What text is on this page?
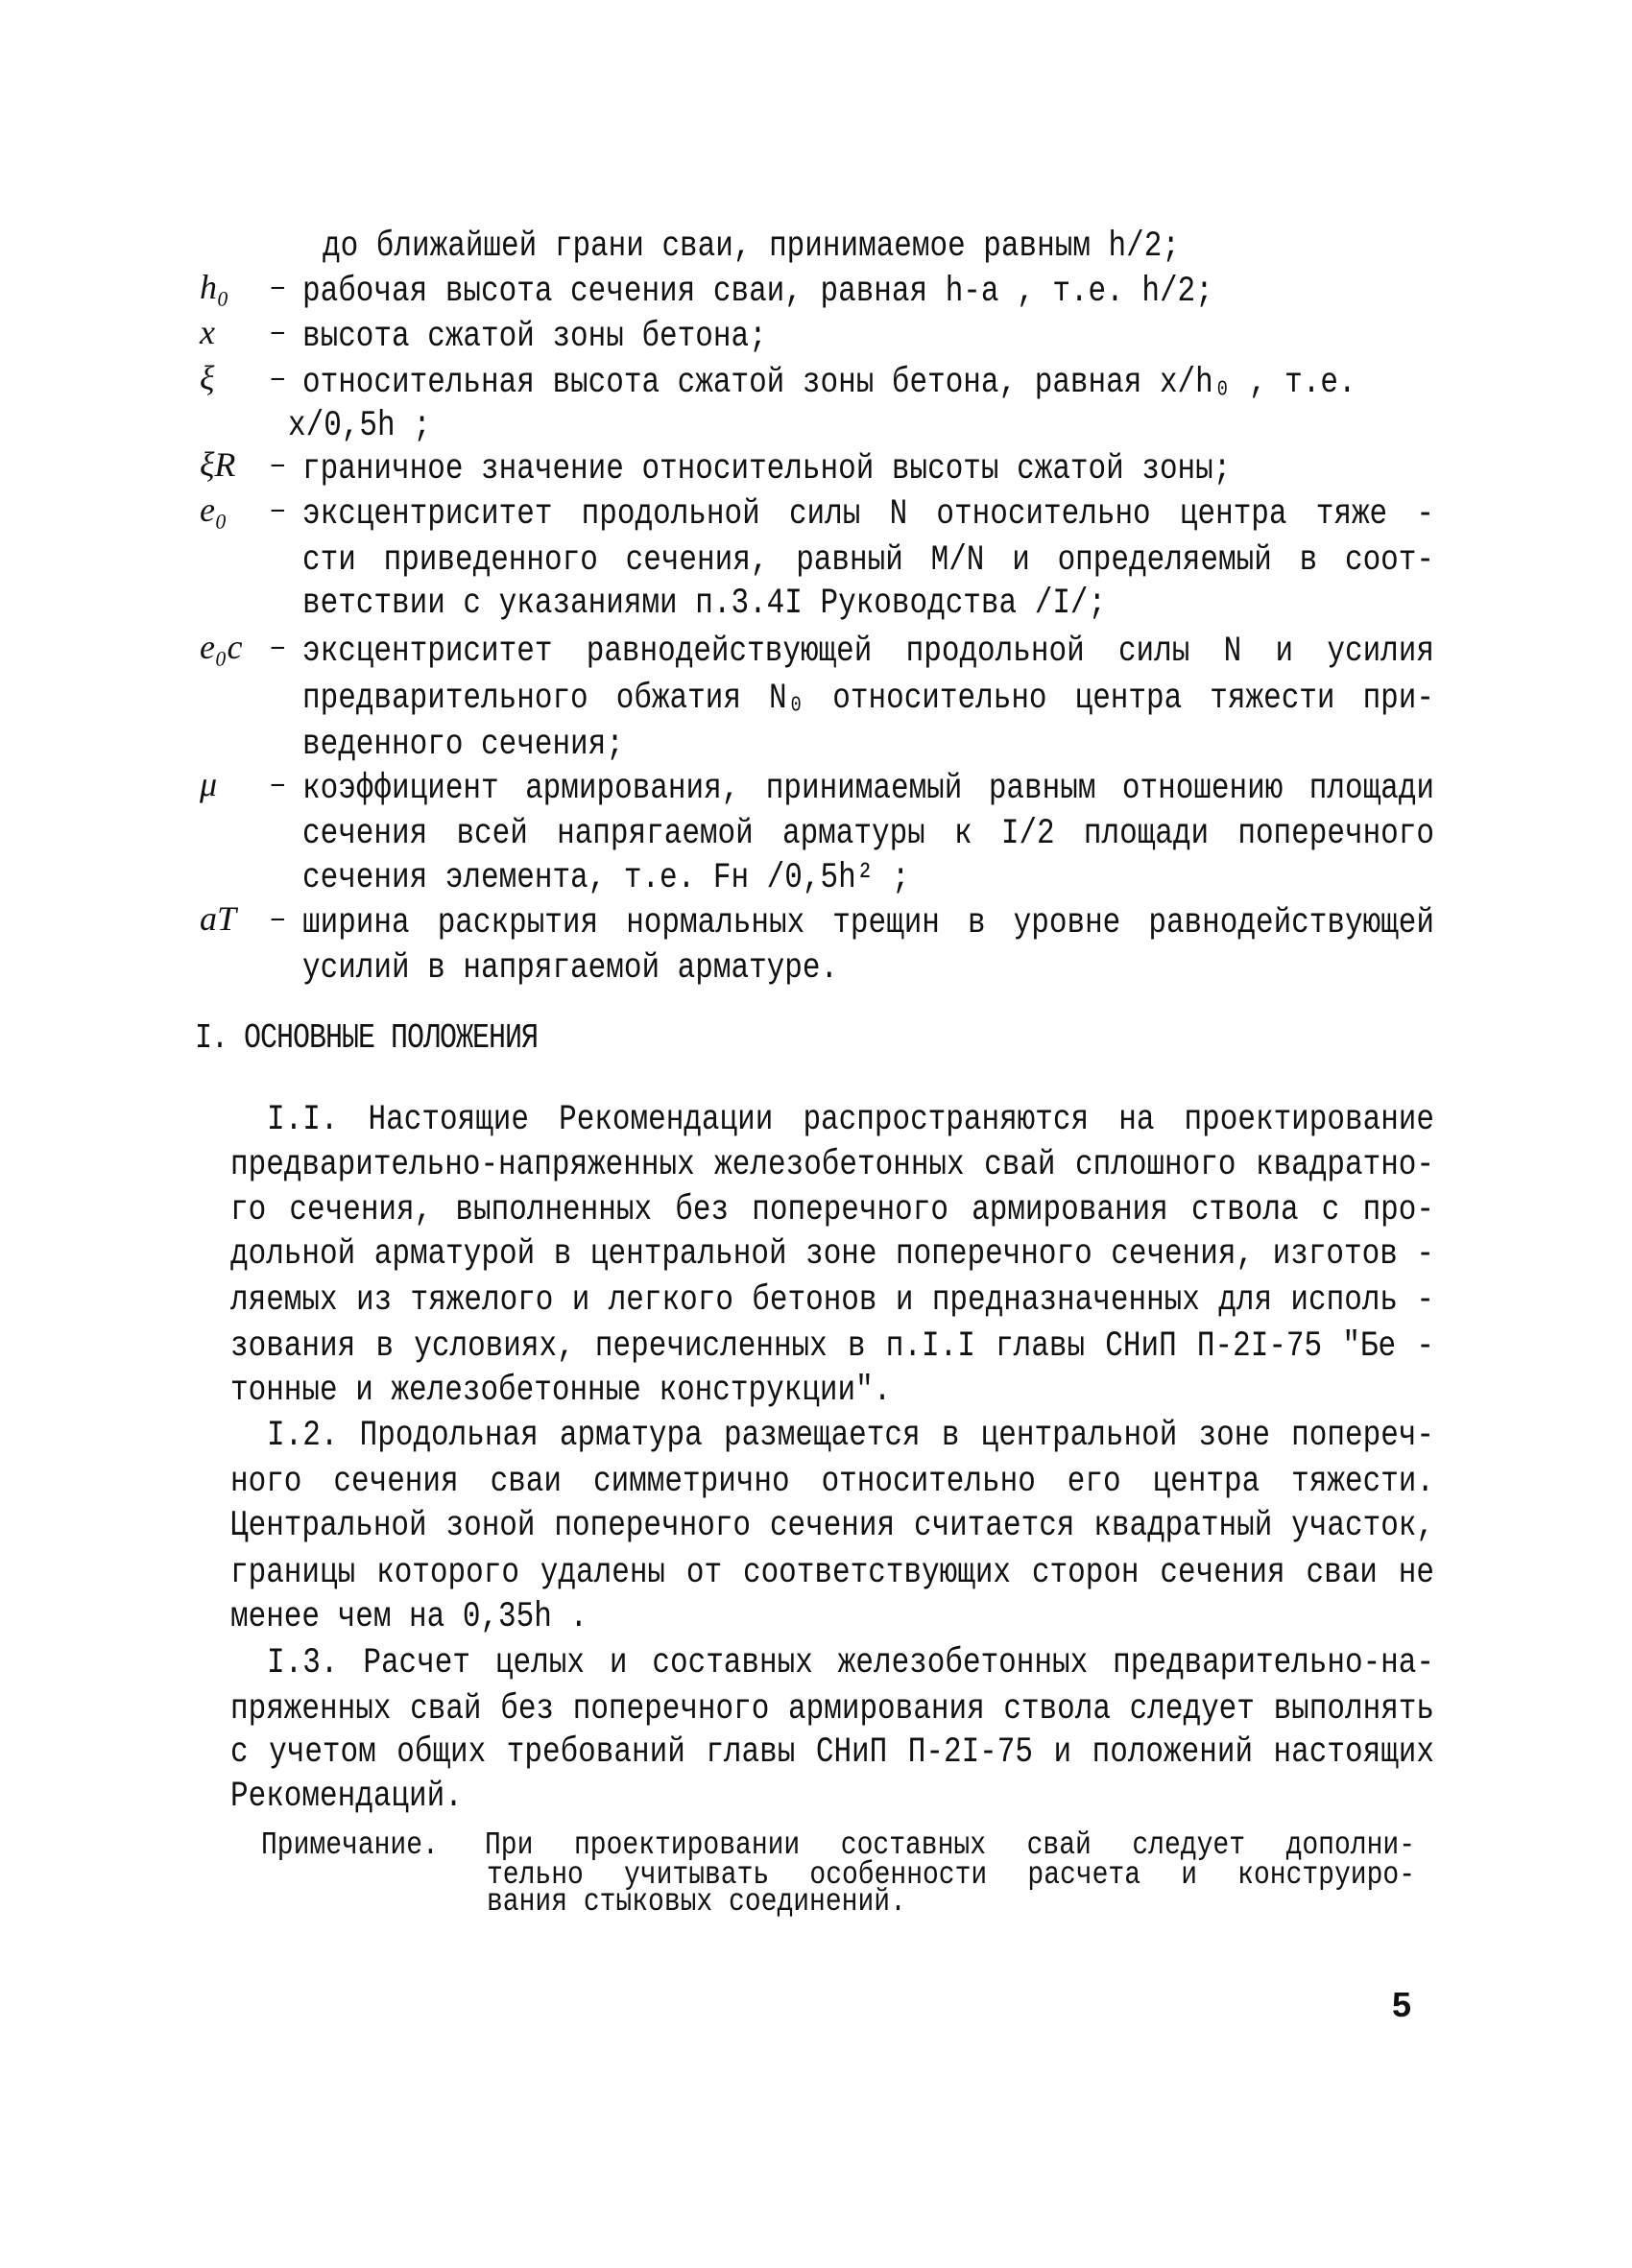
до ближайшей грани сваи, принимаемое равным h/2;
h₀ – рабочая высота сечения сваи, равная h-a , т.е. h/2;
x – высота сжатой зоны бетона;
ξ – относительная высота сжатой зоны бетона, равная x/h₀ , т.е.
x/0,5h ;
ξR – граничное значение относительной высоты сжатой зоны;
e₀ – эксцентриситет продольной силы N относительно центра тяже -
сти приведенного сечения, равный M/N и определяемый в соот-
ветствии с указаниями п.3.4I Руководства /I/;
e₀c – эксцентриситет равнодействующей продольной силы N и усилия
предварительного обжатия N₀ относительно центра тяжести при-
веденного сечения;
μ – коэффициент армирования, принимаемый равным отношению площади
сечения всей напрягаемой арматуры к I/2 площади поперечного
сечения элемента, т.е. Fн /0,5h² ;
aT – ширина раскрытия нормальных трещин в уровне равнодействующей
усилий в напрягаемой арматуре.
I. ОСНОВНЫЕ ПОЛОЖЕНИЯ
I.I. Настоящие Рекомендации распространяются на проектирование
предварительно-напряженных железобетонных свай сплошного квадратно-
го сечения, выполненных без поперечного армирования ствола с про-
дольной арматурой в центральной зоне поперечного сечения, изготов -
ляемых из тяжелого и легкого бетонов и предназначенных для исполь -
зования в условиях, перечисленных в п.I.I главы СНиП П-2I-75 "Бе -
тонные и железобетонные конструкции".
I.2. Продольная арматура размещается в центральной зоне попереч-
ного сечения сваи симметрично относительно его центра тяжести.
Центральной зоной поперечного сечения считается квадратный участок,
границы которого удалены от соответствующих сторон сечения сваи не
менее чем на 0,35h .
I.3. Расчет целых и составных железобетонных предварительно-на-
пряженных свай без поперечного армирования ствола следует выполнять
с учетом общих требований главы СНиП П-2I-75 и положений настоящих
Рекомендаций.
Примечание. При проектировании составных свай следует дополни-
тельно учитывать особенности расчета и конструиро-
вания стыковых соединений.
5
